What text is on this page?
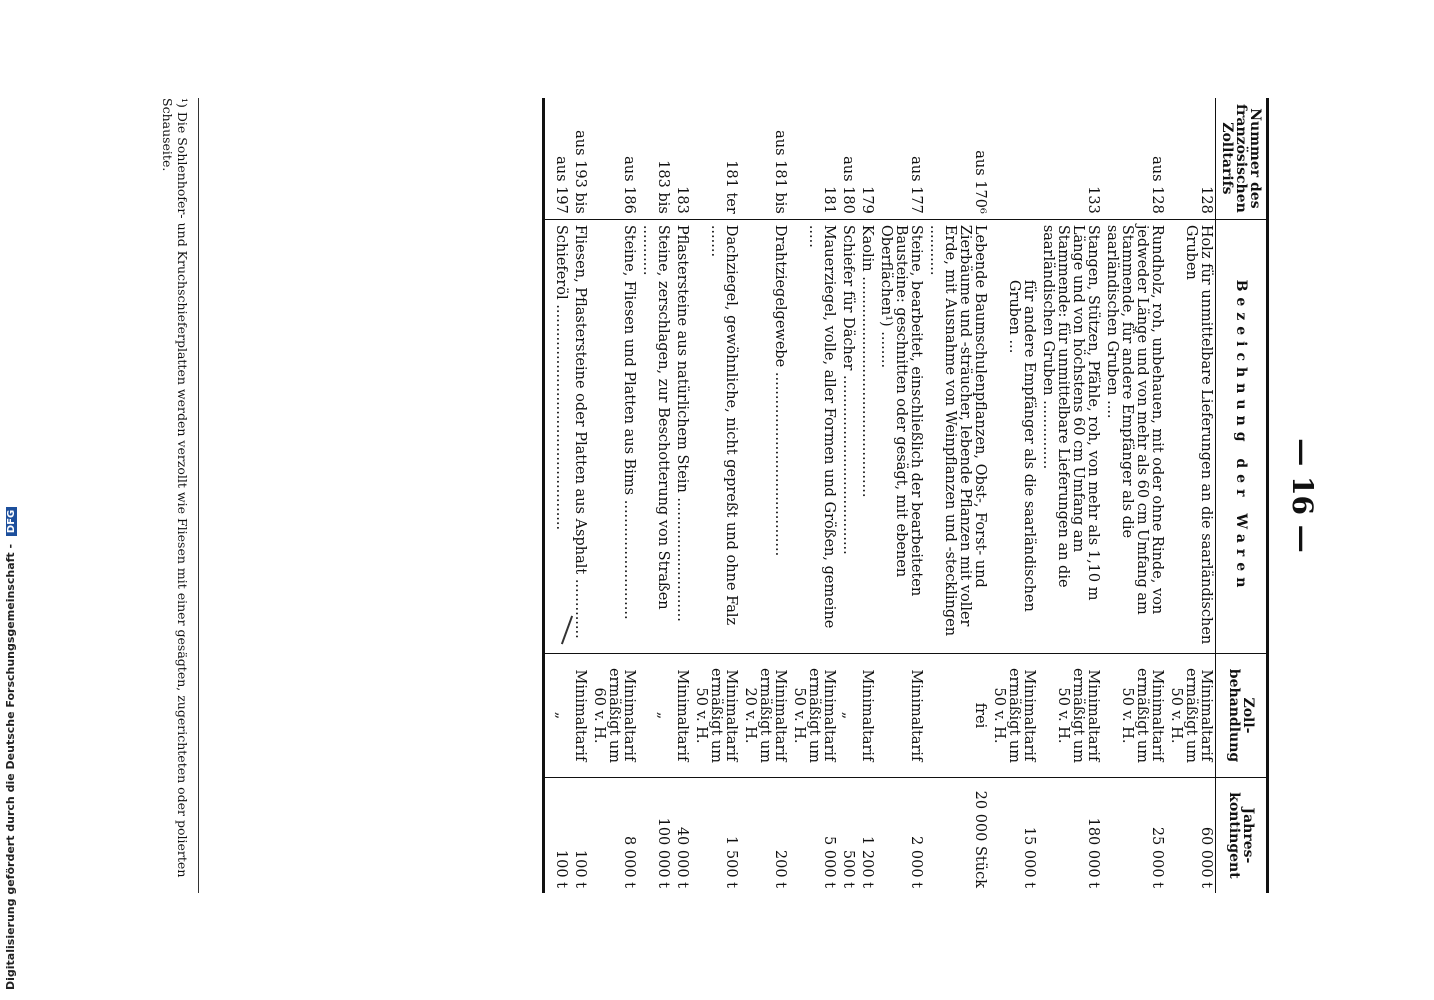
Digitalisierung gefördert durch die Deutsche Forschungsgemeinschaft - DFG	— 16 —
Nummer des französischen Zolltarifs	Bezeichnung der Waren	Zoll-behandlung	Jahres-kontingent
128	Holz für unmittelbare Lieferungen an die saarländischen Gruben	Minimaltarif ermäßigt um 50 v. H.	60 000 t
aus 128	Rundholz, roh, unbehauen, mit oder ohne Rinde, von jedweder Länge und von mehr als 60 cm Umfang am Stammende, für andere Empfänger als die saarländischen Gruben ....	Minimaltarif ermäßigt um 50 v. H.	25 000 t
133	Stangen, Stützen, Pfähle, roh, von mehr als 1,10 m Länge und von höchstens 60 cm Umfang am Stammende: für unmittelbare Lieferungen an die saarländischen Gruben ...............	Minimaltarif ermäßigt um 50 v. H.	180 000 t
	für andere Empfänger als die saarländischen Gruben ...	Minimaltarif ermäßigt um 50 v. H.	15 000 t
aus 170⁶	Lebende Baumschulenpflanzen, Obst-, Forst- und Zierbäume und -sträucher, lebende Pflanzen mit voller Erde, mit Ausnahme von Weinpflanzen und -stecklingen ...........	frei	20 000 Stück
aus 177	Steine, bearbeitet, einschließlich der bearbeiteten Bausteine: geschnitten oder gesägt, mit ebenen Oberflächen¹) ........	Minimaltarif	2 000 t
179	Kaolin ................................................	Minimaltarif	1 200 t
aus 180	Schiefer für Dächer .......................................	„	500 t
181	Mauerziegel, volle, aller Formen und Größen, gemeine .....	Minimaltarif ermäßigt um 50 v. H.	5 000 t
aus 181 bis	Drahtziegelgewebe ........................................	Minimaltarif ermäßigt um 20 v. H.	200 t
181 ter	Dachziegel, gewöhnliche, nicht gepreßt und ohne Falz .......	Minimaltarif ermäßigt um 50 v. H.	1 500 t
183	Pflastersteine aus natürlichem Stein ...........................	Minimaltarif	40 000 t
183 bis	Steine, zerschlagen, zur Beschotterung von Straßen ...........	„	100 000 t
aus 186	Steine, Fliesen und Platten aus Bims ..........................	Minimaltarif ermäßigt um 60 v. H.	8 000 t
aus 193 bis	Fliesen, Pflastersteine oder Platten aus Asphalt .............	Minimaltarif	100 t
aus 197	Schieferöl .................................................	„	100 t
¹) Die Sohlenhofer- und Kruchschieferplatten werden verzollt wie Fliesen mit einer gesägten, zugerichteten oder polierten Schauseite.
